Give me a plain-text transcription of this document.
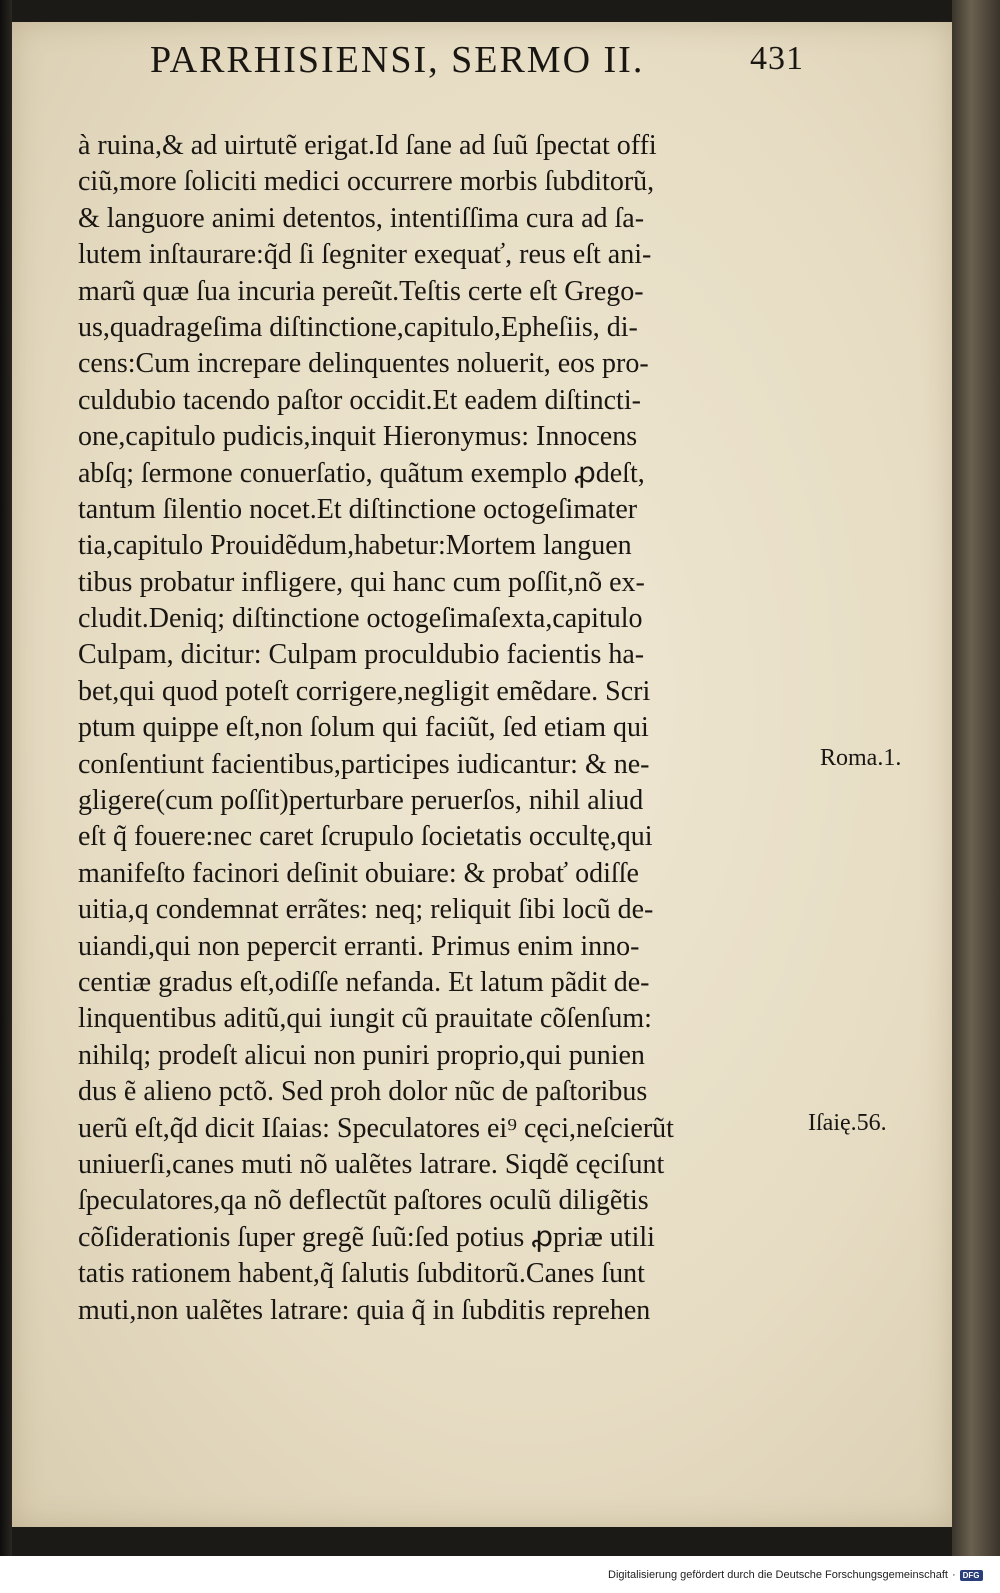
PARRHISIENSI, SERMO II.	431
à ruina,& ad uirtutẽ erigat.Id ſane ad ſuũ ſpectat offi
ciũ,more ſoliciti medici occurrere morbis ſubditorũ,
& languore animi detentos, intentiſſima cura ad ſa-
lutem inſtaurare:q̃d ſi ſegniter exequať, reus eſt ani-
marũ quæ ſua incuria pereũt.Teſtis certe eſt Grego-
us,quadrageſima diſtinctione,capitulo,Epheſiis, di-
cens:Cum increpare delinquentes noluerit, eos pro-
culdubio tacendo paſtor occidit.Et eadem diſtincti-
one,capitulo pudicis,inquit Hieronymus: Innocens
abſq; ſermone conuerſatio, quãtum exemplo ꝓdeſt,
tantum ſilentio nocet.Et diſtinctione octogeſimater
tia,capitulo Prouidẽdum,habetur:Mortem languen
tibus probatur infligere, qui hanc cum poſſit,nõ ex-
cludit.Deniq; diſtinctione octogeſimaſexta,capitulo
Culpam, dicitur: Culpam proculdubio facientis ha-
bet,qui quod poteſt corrigere,negligit emẽdare. Scri
ptum quippe eſt,non ſolum qui faciũt, ſed etiam qui
conſentiunt facientibus,participes iudicantur: & ne-
gligere(cum poſſit)perturbare peruerſos, nihil aliud
eſt q̃ fouere:nec caret ſcrupulo ſocietatis occultę,qui
manifeſto facinori deſinit obuiare: & probať odiſſe
uitia,q condemnat errãtes: neq; reliquit ſibi locũ de-
uiandi,qui non pepercit erranti. Primus enim inno-
centiæ gradus eſt,odiſſe nefanda. Et latum pãdit de-
linquentibus aditũ,qui iungit cũ prauitate cõſenſum:
nihilq; prodeſt alicui non puniri proprio,qui punien
dus ẽ alieno pctõ. Sed proh dolor nũc de paſtoribus
uerũ eſt,q̃d dicit Iſaias: Speculatores ei⁹ cęci,neſcierũt
uniuerſi,canes muti nõ ualẽtes latrare. Siqdẽ cęciſunt
ſpeculatores,qa nõ deflectũt paſtores oculũ diligẽtis
cõſiderationis ſuper gregẽ ſuũ:ſed potius ꝓpriæ utili
tatis rationem habent,q̃ ſalutis ſubditorũ.Canes ſunt
muti,non ualẽtes latrare: quia q̃ in ſubditis reprehen
Roma.1.
Iſaię.56.
Digitalisierung gefördert durch die Deutsche Forschungsgemeinschaft · DFG
